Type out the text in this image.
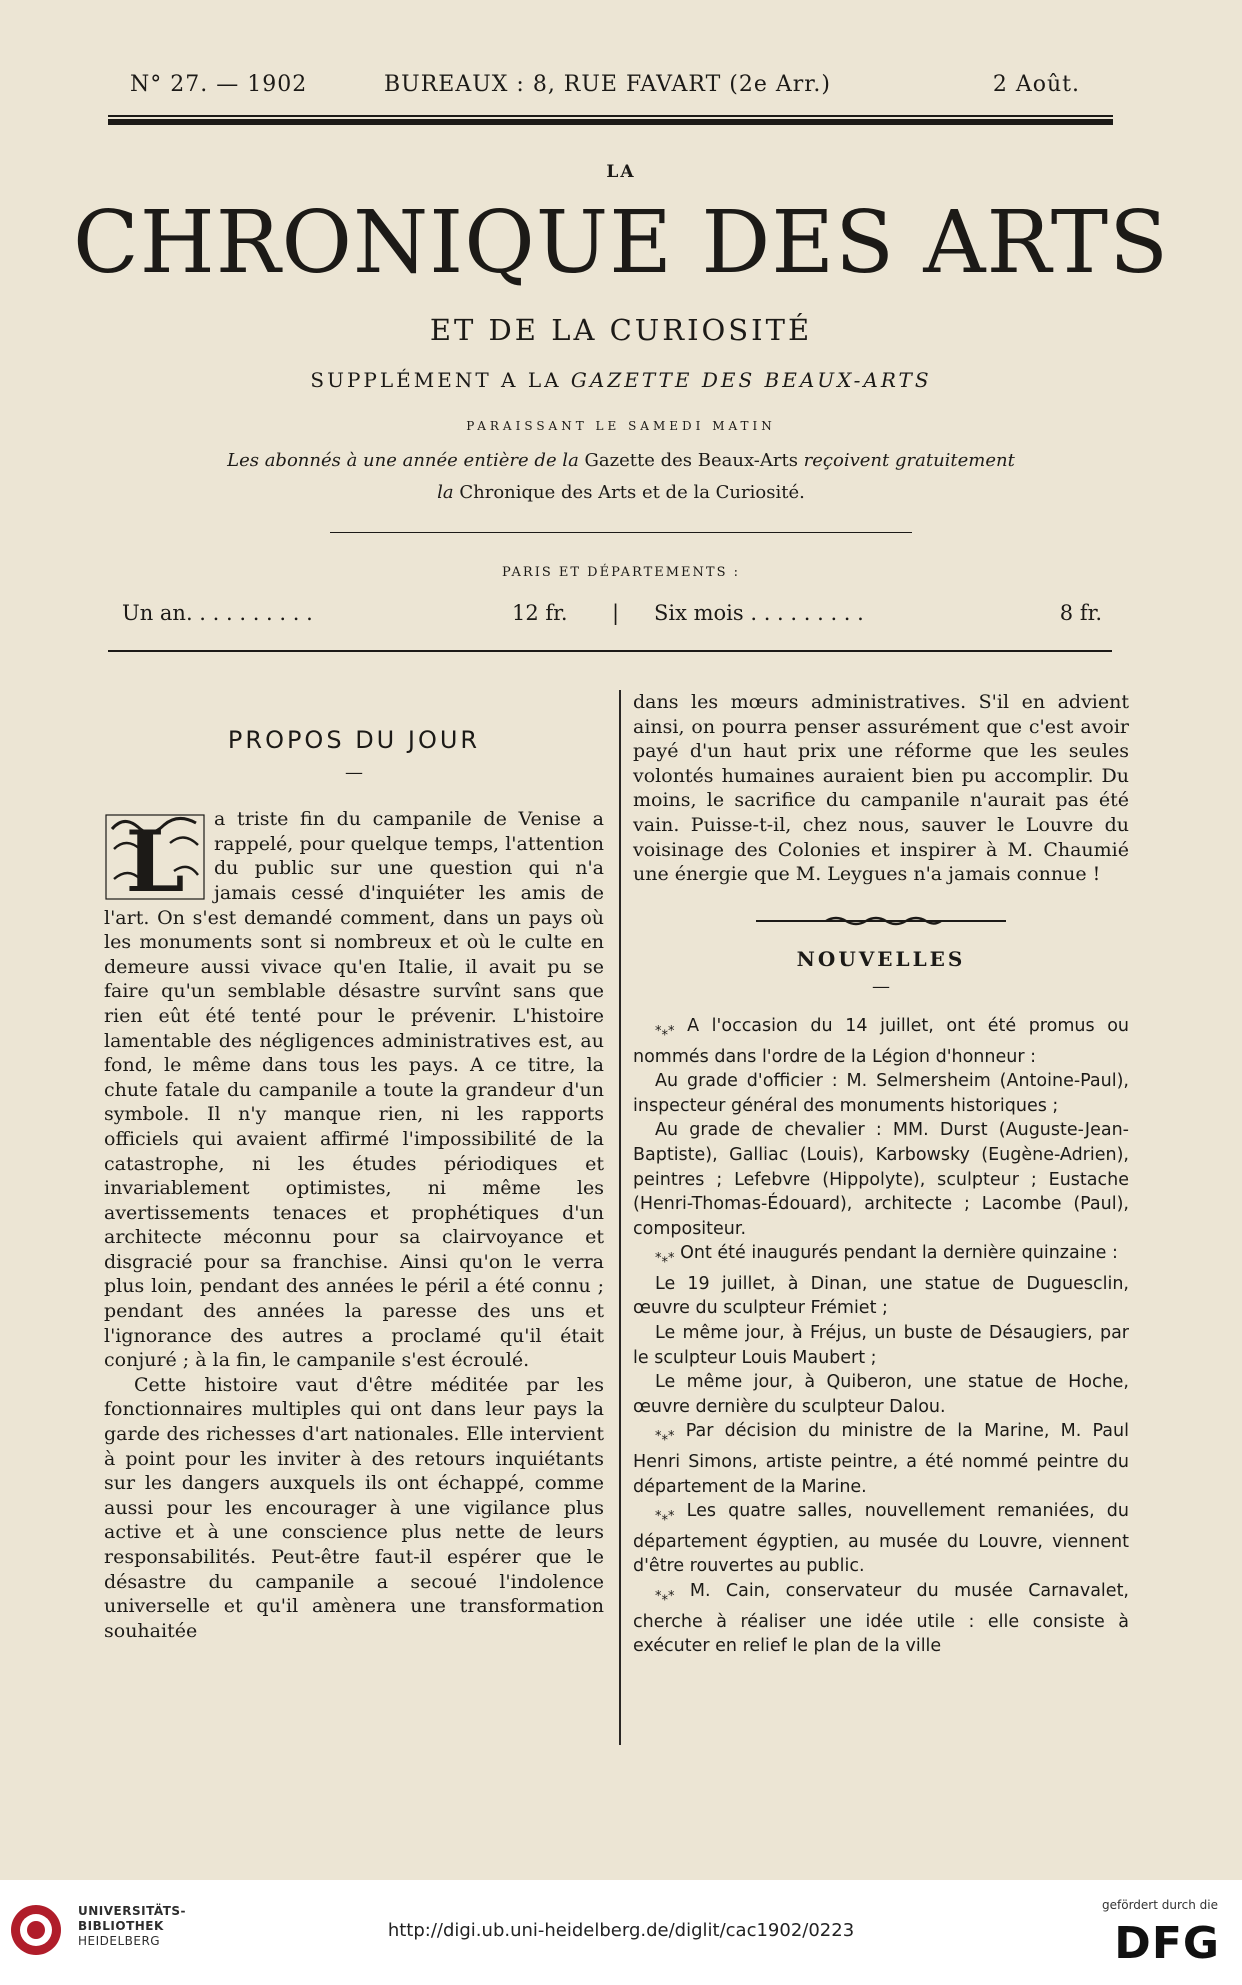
N° 27. — 1902	BUREAUX : 8, RUE FAVART (2e Arr.)	2 Août.
LA
CHRONIQUE DES ARTS
ET DE LA CURIOSITÉ
SUPPLÉMENT A LA GAZETTE DES BEAUX-ARTS
PARAISSANT LE SAMEDI MATIN
Les abonnés à une année entière de la Gazette des Beaux-Arts reçoivent gratuitement
la Chronique des Arts et de la Curiosité.
PARIS ET DÉPARTEMENTS :
Un an. . . . . . . . . .	12 fr. | Six mois . . . . . . . . .	8 fr.
PROPOS DU JOUR
—
L	a triste fin du campanile de Venise a rappelé, pour quelque temps, l'attention du public sur une question qui n'a jamais cessé d'inquiéter les amis de l'art. On s'est demandé comment, dans un pays où les monuments sont si nombreux et où le culte en demeure aussi vivace qu'en Italie, il avait pu se faire qu'un semblable désastre survînt sans que rien eût été tenté pour le prévenir. L'histoire lamentable des négligences administratives est, au fond, le même dans tous les pays. A ce titre, la chute fatale du campanile a toute la grandeur d'un symbole. Il n'y manque rien, ni les rapports officiels qui avaient affirmé l'impossibilité de la catastrophe, ni les études périodiques et invariablement optimistes, ni même les avertissements tenaces et prophétiques d'un architecte méconnu pour sa clairvoyance et disgracié pour sa franchise. Ainsi qu'on le verra plus loin, pendant des années le péril a été connu ; pendant des années la paresse des uns et l'ignorance des autres a proclamé qu'il était conjuré ; à la fin, le campanile s'est écroulé.

Cette histoire vaut d'être méditée par les fonctionnaires multiples qui ont dans leur pays la garde des richesses d'art nationales. Elle intervient à point pour les inviter à des retours inquiétants sur les dangers auxquels ils ont échappé, comme aussi pour les encourager à une vigilance plus active et à une conscience plus nette de leurs responsabilités. Peut-être faut-il espérer que le désastre du campanile a secoué l'indolence universelle et qu'il amènera une transformation souhaitée

dans les mœurs administratives. S'il en advient ainsi, on pourra penser assurément que c'est avoir payé d'un haut prix une réforme que les seules volontés humaines auraient bien pu accomplir. Du moins, le sacrifice du campanile n'aurait pas été vain. Puisse-t-il, chez nous, sauver le Louvre du voisinage des Colonies et inspirer à M. Chaumié une énergie que M. Leygues n'a jamais connue !

NOUVELLES
—

$_{*⁎*}$ A l'occasion du 14 juillet, ont été promus ou nommés dans l'ordre de la Légion d'honneur :

Au grade d'officier : M. Selmersheim (Antoine-Paul), inspecteur général des monuments historiques ;

Au grade de chevalier : MM. Durst (Auguste-Jean-Baptiste), Galliac (Louis), Karbowsky (Eugène-Adrien), peintres ; Lefebvre (Hippolyte), sculpteur ; Eustache (Henri-Thomas-Édouard), architecte ; Lacombe (Paul), compositeur.

$_{*⁎*}$ Ont été inaugurés pendant la dernière quinzaine :

Le 19 juillet, à Dinan, une statue de Duguesclin, œuvre du sculpteur Frémiet ;

Le même jour, à Fréjus, un buste de Désaugiers, par le sculpteur Louis Maubert ;

Le même jour, à Quiberon, une statue de Hoche, œuvre dernière du sculpteur Dalou.

$_{*⁎*}$ Par décision du ministre de la Marine, M. Paul Henri Simons, artiste peintre, a été nommé peintre du département de la Marine.

$_{*⁎*}$ Les quatre salles, nouvellement remaniées, du département égyptien, au musée du Louvre, viennent d'être rouvertes au public.

$_{*⁎*}$ M. Cain, conservateur du musée Carnavalet, cherche à réaliser une idée utile : elle consiste à exécuter en relief le plan de la ville

UNIVERSITÄTS-
BIBLIOTHEK
HEIDELBERG	http://digi.ub.uni-heidelberg.de/diglit/cac1902/0223
gefördert durch die
DFG
